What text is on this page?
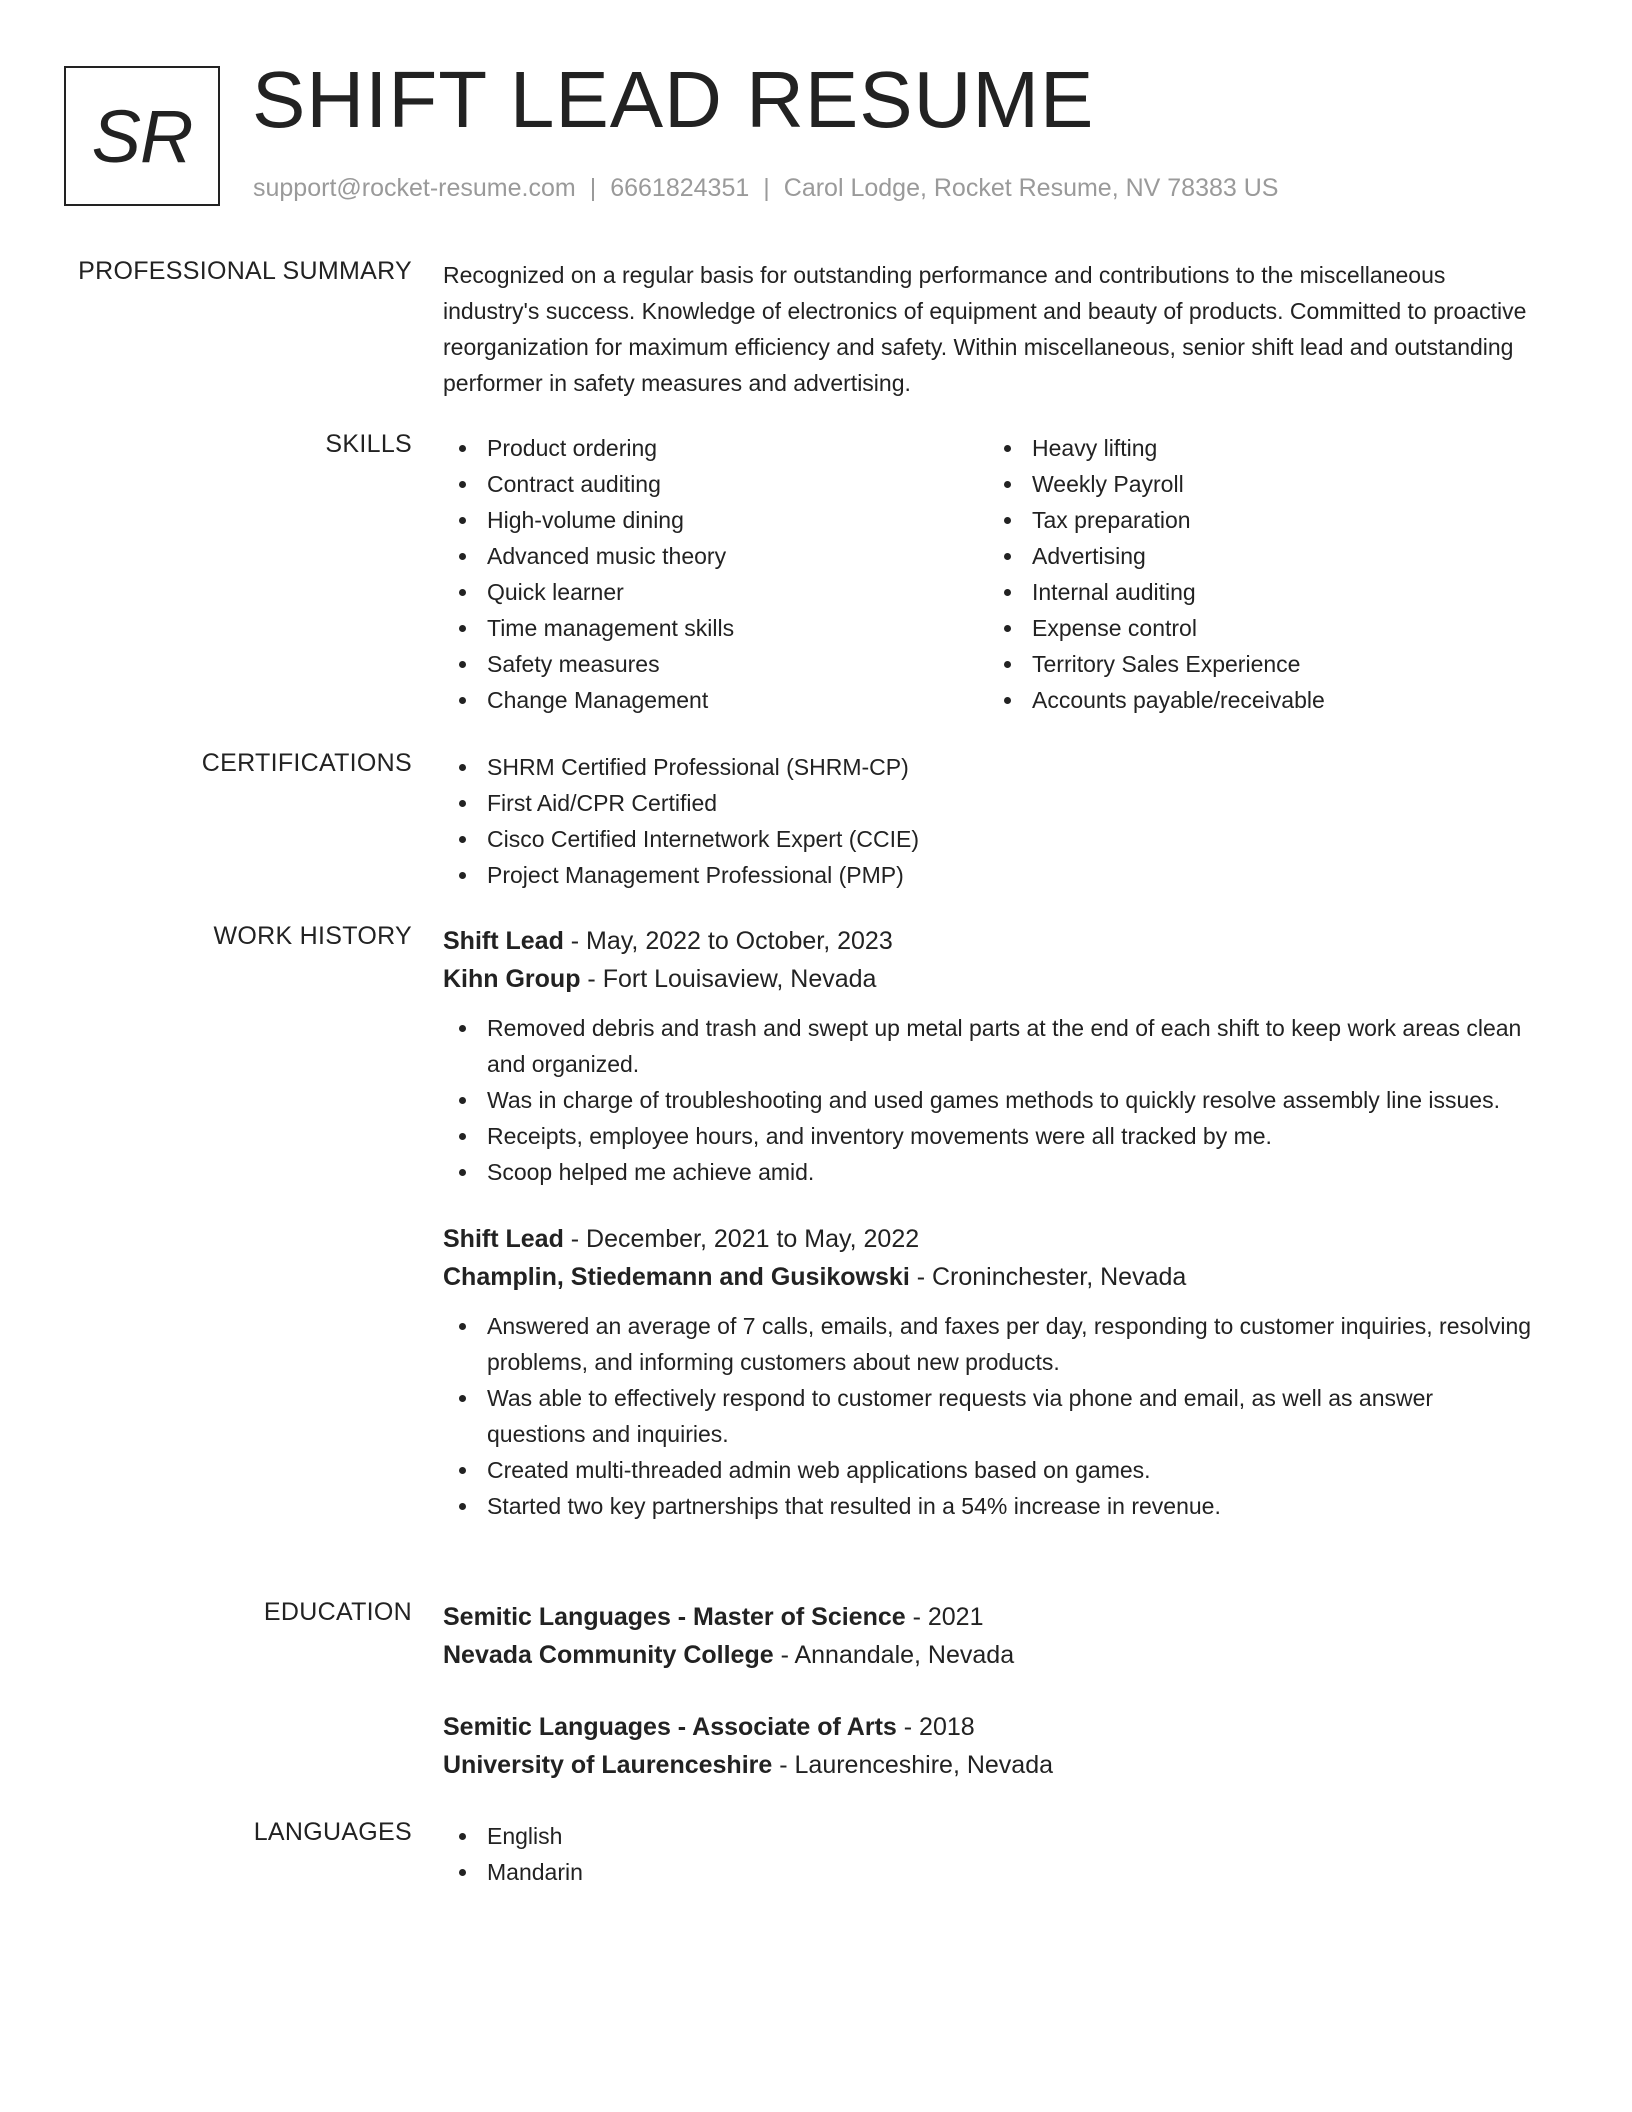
SR SHIFT LEAD RESUME
support@rocket-resume.com | 6661824351 | Carol Lodge, Rocket Resume, NV 78383 US
PROFESSIONAL SUMMARY Recognized on a regular basis for outstanding performance and contributions to the miscellaneous industry's success. Knowledge of electronics of equipment and beauty of products. Committed to proactive reorganization for maximum efficiency and safety. Within miscellaneous, senior shift lead and outstanding performer in safety measures and advertising.

SKILLS	Product ordering
Contract auditing
High-volume dining
Advanced music theory
Quick learner
Time management skills
Safety measures
Change Management
Heavy lifting
Weekly Payroll
Tax preparation
Advertising
Internal auditing
Expense control
Territory Sales Experience
Accounts payable/receivable
CERTIFICATIONS	SHRM Certified Professional (SHRM-CP)
First Aid/CPR Certified
Cisco Certified Internetwork Expert (CCIE)
Project Management Professional (PMP)
WORK HISTORY Shift Lead - May, 2022 to October, 2023
Kihn Group - Fort Louisaview, Nevada
Removed debris and trash and swept up metal parts at the end of each shift to keep work areas clean and organized.
Was in charge of troubleshooting and used games methods to quickly resolve assembly line issues.
Receipts, employee hours, and inventory movements were all tracked by me.
Scoop helped me achieve amid.
Shift Lead - December, 2021 to May, 2022
Champlin, Stiedemann and Gusikowski - Croninchester, Nevada
Answered an average of 7 calls, emails, and faxes per day, responding to customer inquiries, resolving problems, and informing customers about new products.
Was able to effectively respond to customer requests via phone and email, as well as answer questions and inquiries.
Created multi-threaded admin web applications based on games.
Started two key partnerships that resulted in a 54% increase in revenue.
EDUCATION Semitic Languages - Master of Science - 2021
Nevada Community College - Annandale, Nevada
Semitic Languages - Associate of Arts - 2018
University of Laurenceshire - Laurenceshire, Nevada
LANGUAGES	English
Mandarin
